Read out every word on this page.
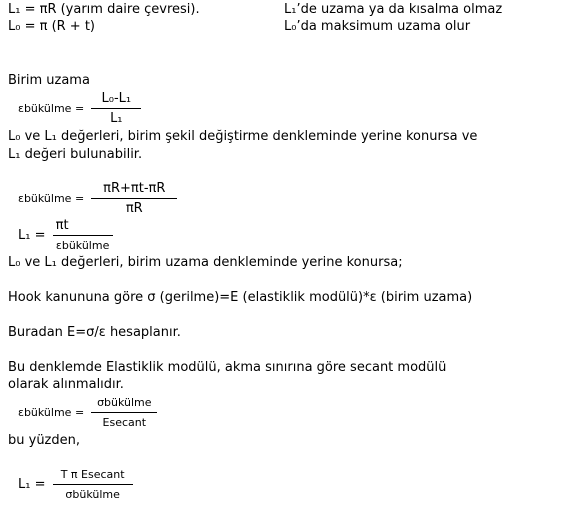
L₁ = πR (yarım daire çevresi).
L₀ = π (R + t)
L₁’de uzama ya da kısalma olmaz
L₀’da maksimum uzama olur
Birim uzama
εbükülme = $\frac{\text{L₀-L₁}}{\text{L₁}}$
L₀ ve L₁ değerleri, birim şekil değiştirme denkleminde yerine konursa ve
L₁ değeri bulunabilir.
εbükülme = $\frac{\pi R+\pi t-\pi R}{\pi R}$
$L_1 = \frac{\pi t}{\text{εbükülme}}$
L₀ ve L₁ değerleri, birim uzama denkleminde yerine konursa;
Hook kanununa göre σ (gerilme)=E (elastiklik modülü)*ε (birim uzama)
Buradan E=σ/ε hesaplanır.
Bu denklemde Elastiklik modülü, akma sınırına göre secant modülü
olarak alınmalıdır.
εbükülme = $\frac{\text{σbükülme}}{\text{Esecant}}$
bu yüzden,
$L_1 = \frac{\text{T π Esecant}}{\text{σbükülme}}$
